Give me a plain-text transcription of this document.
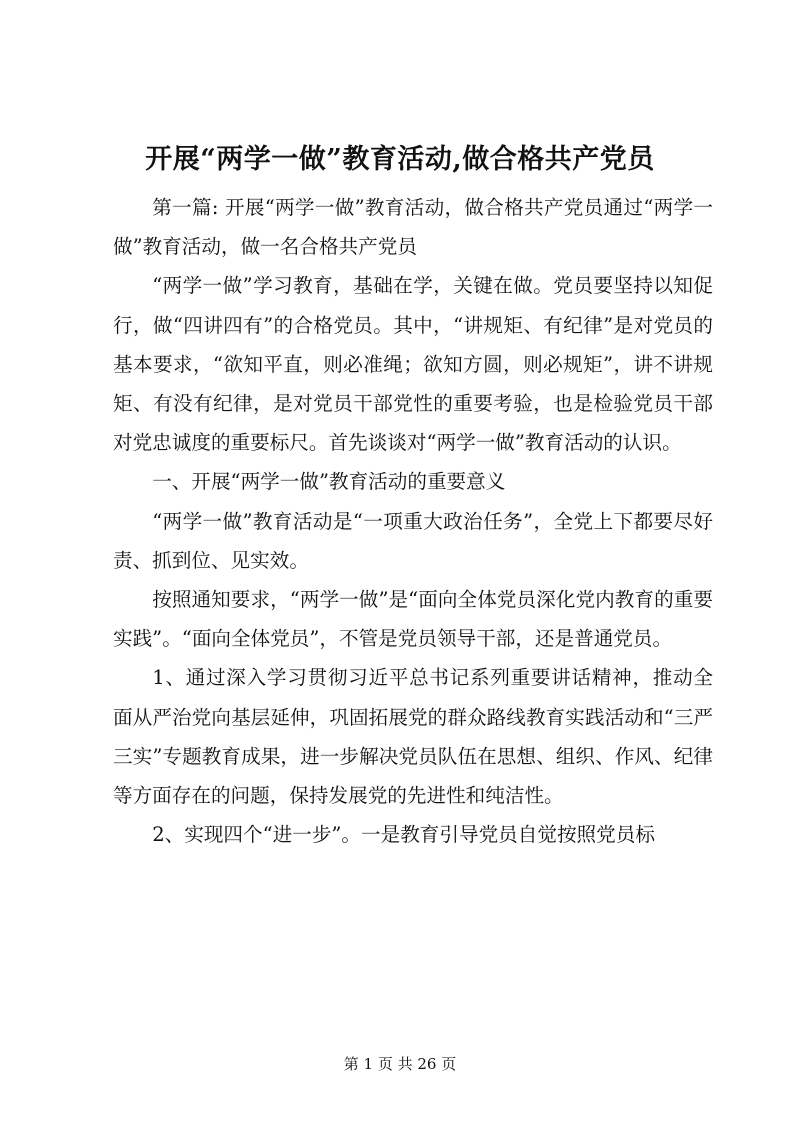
开展“两学一做”教育活动,做合格共产党员

第一篇: 开展“两学一做”教育活动，做合格共产党员通过“两学一做”教育活动，做一名合格共产党员

“两学一做”学习教育，基础在学，关键在做。党员要坚持以知促行，做“四讲四有”的合格党员。其中，“讲规矩、有纪律”是对党员的基本要求，“欲知平直，则必准绳；欲知方圆，则必规矩”，讲不讲规矩、有没有纪律，是对党员干部党性的重要考验，也是检验党员干部对党忠诚度的重要标尺。首先谈谈对“两学一做”教育活动的认识。

一、开展“两学一做”教育活动的重要意义

“两学一做”教育活动是“一项重大政治任务”，全党上下都要尽好责、抓到位、见实效。

按照通知要求，“两学一做”是“面向全体党员深化党内教育的重要实践”。“面向全体党员”，不管是党员领导干部，还是普通党员。

1、通过深入学习贯彻习近平总书记系列重要讲话精神，推动全面从严治党向基层延伸，巩固拓展党的群众路线教育实践活动和“三严三实”专题教育成果，进一步解决党员队伍在思想、组织、作风、纪律等方面存在的问题，保持发展党的先进性和纯洁性。

2、实现四个“进一步”。一是教育引导党员自觉按照党员标

第 1 页 共 26 页
